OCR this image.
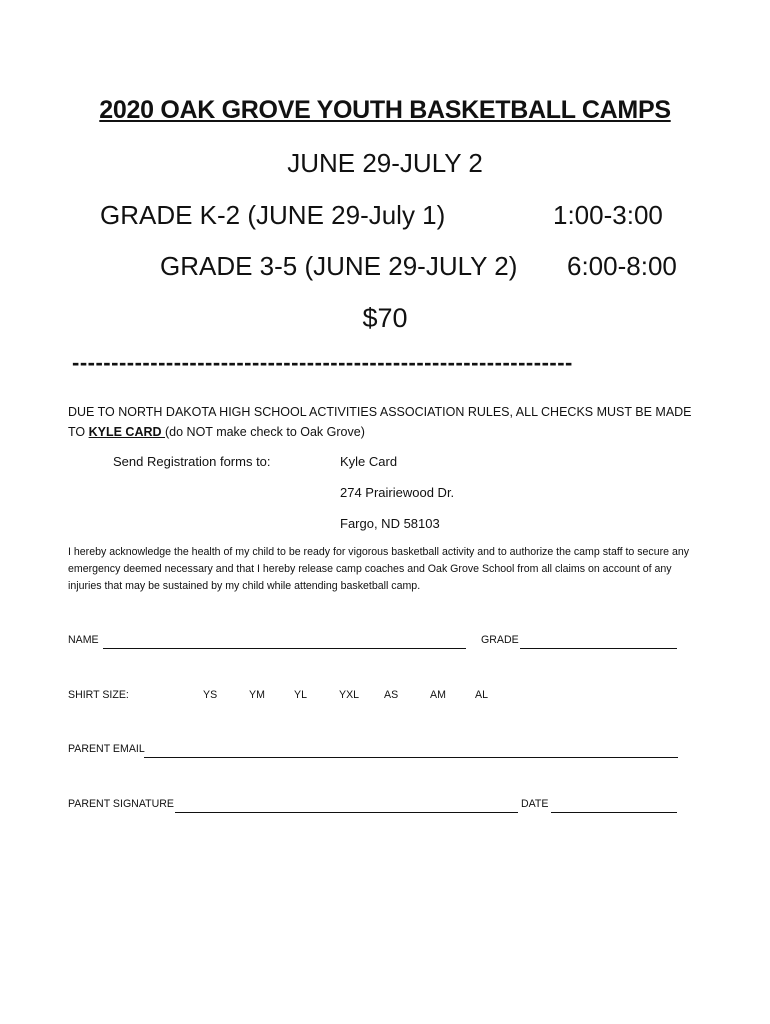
2020 OAK GROVE YOUTH BASKETBALL CAMPS
JUNE 29-JULY 2
GRADE K-2 (JUNE 29-July 1)	1:00-3:00
GRADE 3-5 (JUNE 29-JULY 2) 6:00-8:00
$70
----------------------------------------------------------------
DUE TO NORTH DAKOTA HIGH SCHOOL ACTIVITIES ASSOCIATION RULES, ALL CHECKS MUST BE MADE
TO KYLE CARD (do NOT make check to Oak Grove)
Send Registration forms to:	Kyle Card
274 Prairiewood Dr.
Fargo, ND 58103
I hereby acknowledge the health of my child to be ready for vigorous basketball activity and to authorize the camp staff to secure any emergency deemed necessary and that I hereby release camp coaches and Oak Grove School from all claims on account of any injuries that may be sustained by my child while attending basketball camp.
NAME	GRADE
SHIRT SIZE:	YS	YM	YL	YXL AS	AM	AL
PARENT EMAIL
PARENT SIGNATURE	DATE
